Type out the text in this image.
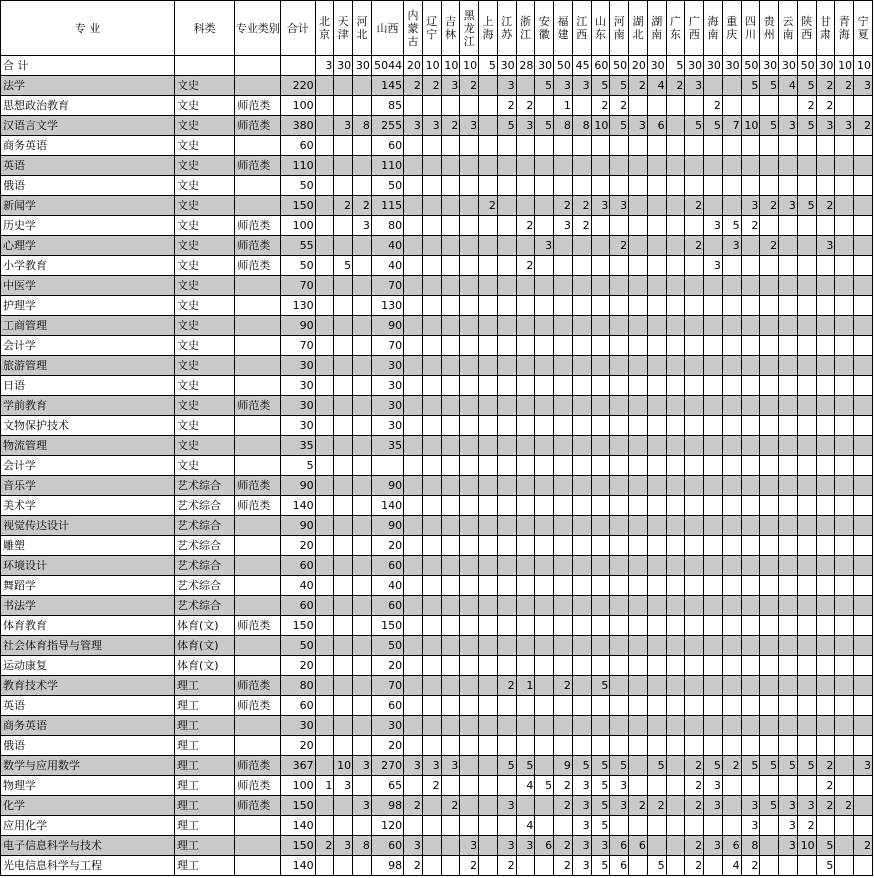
专 业	科类	专业类别	合计	北京	天津	河北	山西	内蒙古	辽宁	吉林	黑龙江	上海	江苏	浙江	安徽	福建	江西	山东	河南	湖北	湖南	广东	广西	海南	重庆	四川	贵州	云南	陕西	甘肃	青海	宁夏
合 计				3	30	30	5044	20	10	10	10	5	30	28	30	50	45	60	50	20	30	5	30	30	30	50	30	30	50	30	10	10
法学	文史		220				145	2	2	3	2		3		5	3	3	5	5	2	4	2	3			5	5	4	5	2	2	3
思想政治教育	文史	师范类	100				85						2	2		1		2	2					2					2	2		
汉语言文学	文史	师范类	380		3	8	255	3	3	2	3		5	3	5	8	8	10	5	3	6		5	5	7	10	5	3	5	3	3	2
商务英语	文史		60				60																									
英语	文史	师范类	110				110																									
俄语	文史		50				50																									
新闻学	文史		150		2	2	115					2				2	2	3	3				2			3	2	3	5	2		
历史学	文史	师范类	100			3	80							2		3	2							3	5	2						
心理学	文史	师范类	55				40								3				2				2		3		2			3		
小学教育	文史	师范类	50		5		40							2										3								
中医学	文史		70				70																									
护理学	文史		130				130																									
工商管理	文史		90				90																									
会计学	文史		70				70																									
旅游管理	文史		30				30																									
日语	文史		30				30																									
学前教育	文史	师范类	30				30																									
文物保护技术	文史		30				30																									
物流管理	文史		35				35																									
会计学	文史		5																													
音乐学	艺术综合	师范类	90				90																									
美术学	艺术综合	师范类	140				140																									
视觉传达设计	艺术综合		90				90																									
雕塑	艺术综合		20				20																									
环境设计	艺术综合		60				60																									
舞蹈学	艺术综合		40				40																									
书法学	艺术综合		60				60																									
体育教育	体育(文)	师范类	150				150																									
社会体育指导与管理	体育(文)		50				50																									
运动康复	体育(文)		20				20																									
教育技术学	理工	师范类	80				70						2	1		2		5														
英语	理工	师范类	60				60																									
商务英语	理工		30				30																									
俄语	理工		20				20																									
数学与应用数学	理工	师范类	367		10	3	270	3	3	3			5	5		9	5	5	5		5		2	5	2	5	5	5	5	2		3
物理学	理工	师范类	100	1	3		65		2					4	5	2	3	5	3				2	3						2		
化学	理工	师范类	150			3	98	2		2			3			2	3	5	3	2	2		2	3		3	5	3	3	2	2	
应用化学	理工		140				120							4			3	5								3		3	2			
电子信息科学与技术	理工		150	2	3	8	60	3			3		3	3	6	2	3	3	6	6			2	3	6	8		3	10	5		2
光电信息科学与工程	理工		140				98	2			2		2			2	3	5	6		5		2		4	2				5		
